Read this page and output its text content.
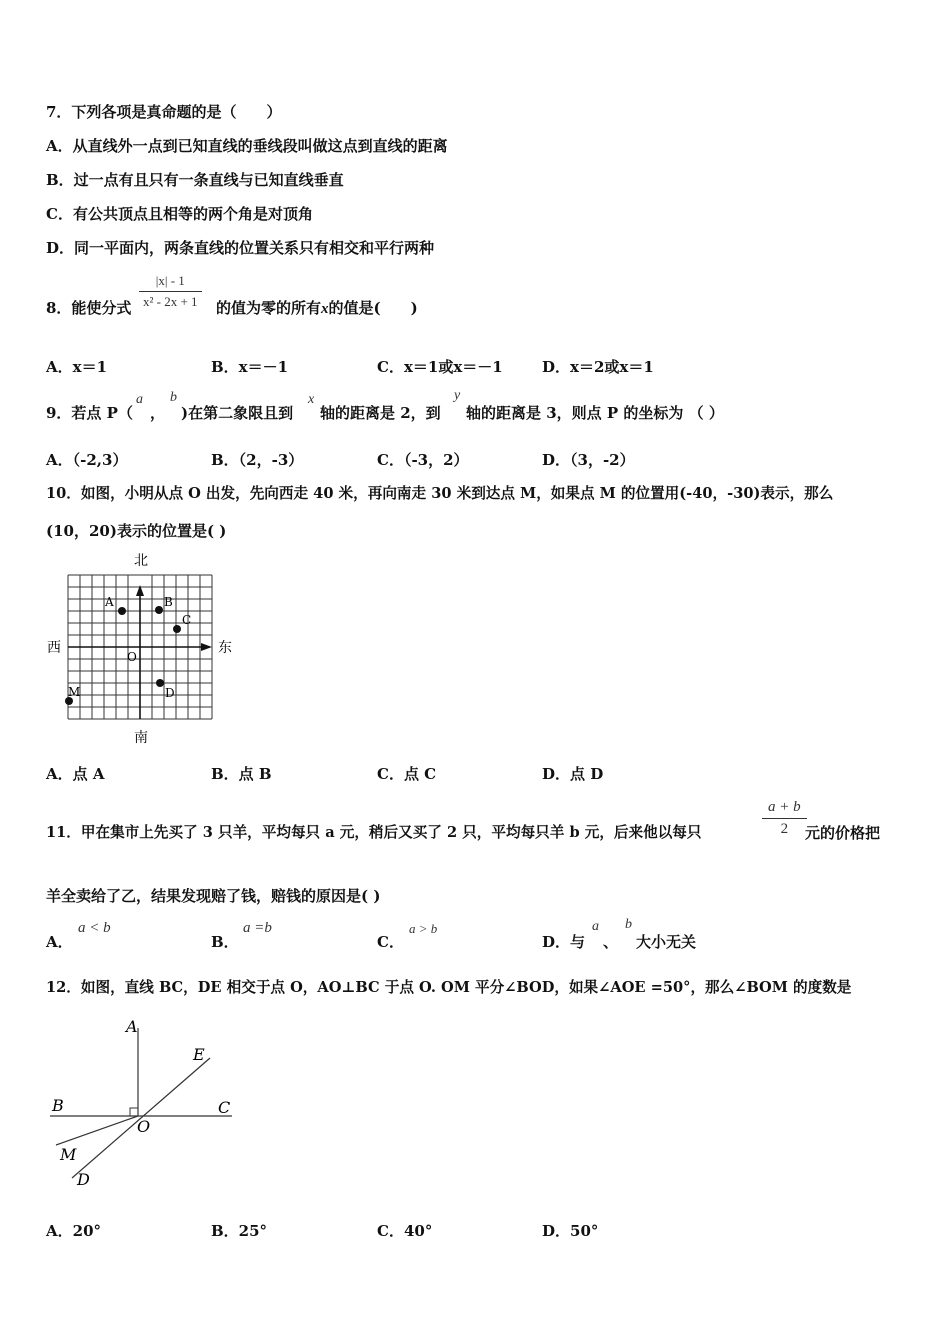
7．下列各项是真命题的是（　　）
A．从直线外一点到已知直线的垂线段叫做这点到直线的距离
B．过一点有且只有一条直线与已知直线垂直
C．有公共顶点且相等的两个角是对顶角
D．同一平面内，两条直线的位置关系只有相交和平行两种
8．能使分式 $\frac{|x| - 1}{\text{x² - 2x + 1}}$ 的值为零的所有x的值是(　　)
A．x＝1	B．x＝－1	C．x＝1或x＝－1	D．x＝2或x＝1
9．若点 P（
a
，
b
)在第二象限且到
x
轴的距离是 2，到
y
轴的距离是 3，则点 P 的坐标为 （ ）
A．（-2,3）	B．（2，-3）	C．（-3，2）	D．（3，-2）
10．如图，小明从点 O 出发，先向西走 40 米，再向南走 30 米到达点 M，如果点 M 的位置用(-40，-30)表示，那么
(10，20)表示的位置是( )
北
南
西	东
A	B
C
D
M
O
A．点 A	B．点 B	C．点 C	D．点 D
11．甲在集市上先买了 3 只羊，平均每只 a 元，稍后又买了 2 只，平均每只羊 b 元，后来他以每只	$\frac{a + b}{2}$
元的价格把
羊全卖给了乙，结果发现赔了钱，赔钱的原因是( )
A．
a < b
B．
a =b
C．
a > b
D．与
a
、
b
大小无关
12．如图，直线 BC，DE 相交于点 O，AO⊥BC 于点 O. OM 平分∠BOD，如果∠AOE =50°，那么∠BOM 的度数是
A
B	C
D
E
M
O
A．20°	B．25°	C．40°	D．50°
